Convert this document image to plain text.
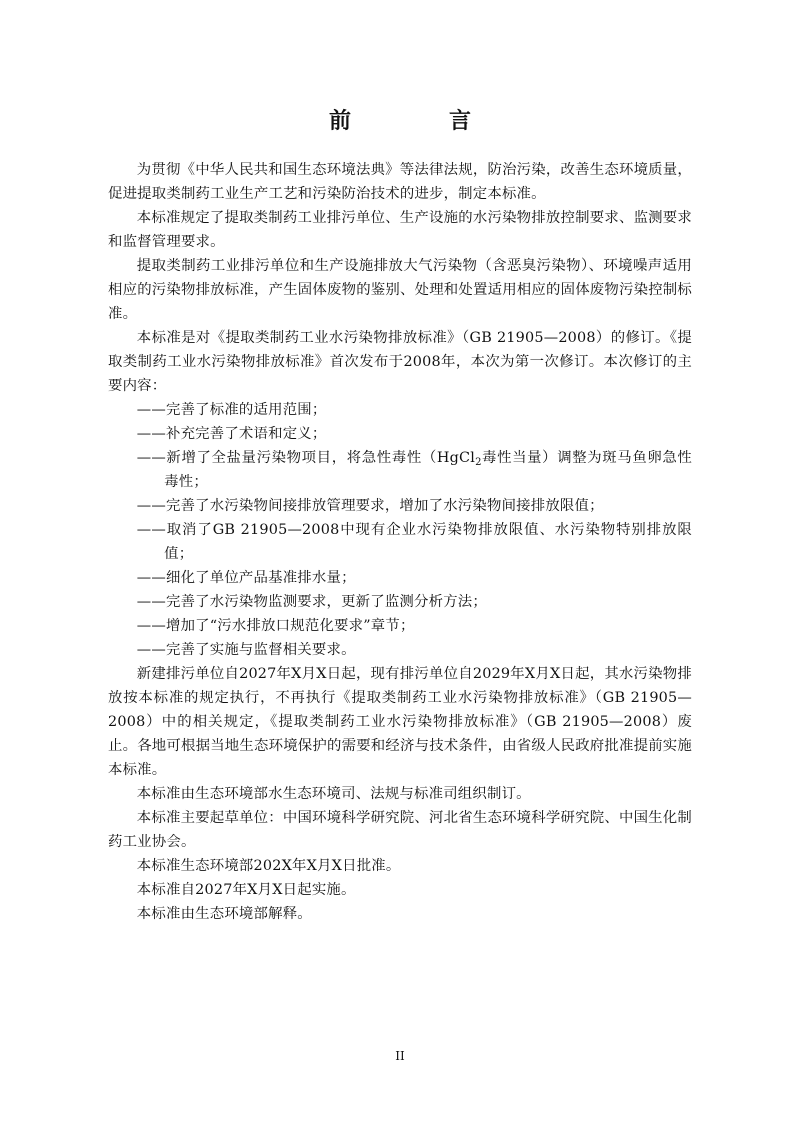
前　言

为贯彻《中华人民共和国生态环境法典》等法律法规，防治污染，改善生态环境质量，促进提取类制药工业生产工艺和污染防治技术的进步，制定本标准。

本标准规定了提取类制药工业排污单位、生产设施的水污染物排放控制要求、监测要求和监督管理要求。

提取类制药工业排污单位和生产设施排放大气污染物（含恶臭污染物）、环境噪声适用相应的污染物排放标准，产生固体废物的鉴别、处理和处置适用相应的固体废物污染控制标准。

本标准是对《提取类制药工业水污染物排放标准》（GB 21905—2008）的修订。《提取类制药工业水污染物排放标准》首次发布于2008年，本次为第一次修订。本次修订的主要内容：

——完善了标准的适用范围；

——补充完善了术语和定义；

——新增了全盐量污染物项目，将急性毒性（HgCl$_2$毒性当量）调整为斑马鱼卵急性毒性；

——完善了水污染物间接排放管理要求，增加了水污染物间接排放限值；

——取消了GB 21905—2008中现有企业水污染物排放限值、水污染物特别排放限值；

——细化了单位产品基准排水量；

——完善了水污染物监测要求，更新了监测分析方法；

——增加了“污水排放口规范化要求”章节；

——完善了实施与监督相关要求。

新建排污单位自2027年X月X日起，现有排污单位自2029年X月X日起，其水污染物排放按本标准的规定执行，不再执行《提取类制药工业水污染物排放标准》（GB 21905—2008）中的相关规定，《提取类制药工业水污染物排放标准》（GB 21905—2008）废止。各地可根据当地生态环境保护的需要和经济与技术条件，由省级人民政府批准提前实施本标准。

本标准由生态环境部水生态环境司、法规与标准司组织制订。

本标准主要起草单位：中国环境科学研究院、河北省生态环境科学研究院、中国生化制药工业协会。

本标准生态环境部202X年X月X日批准。

本标准自2027年X月X日起实施。

本标准由生态环境部解释。

II
